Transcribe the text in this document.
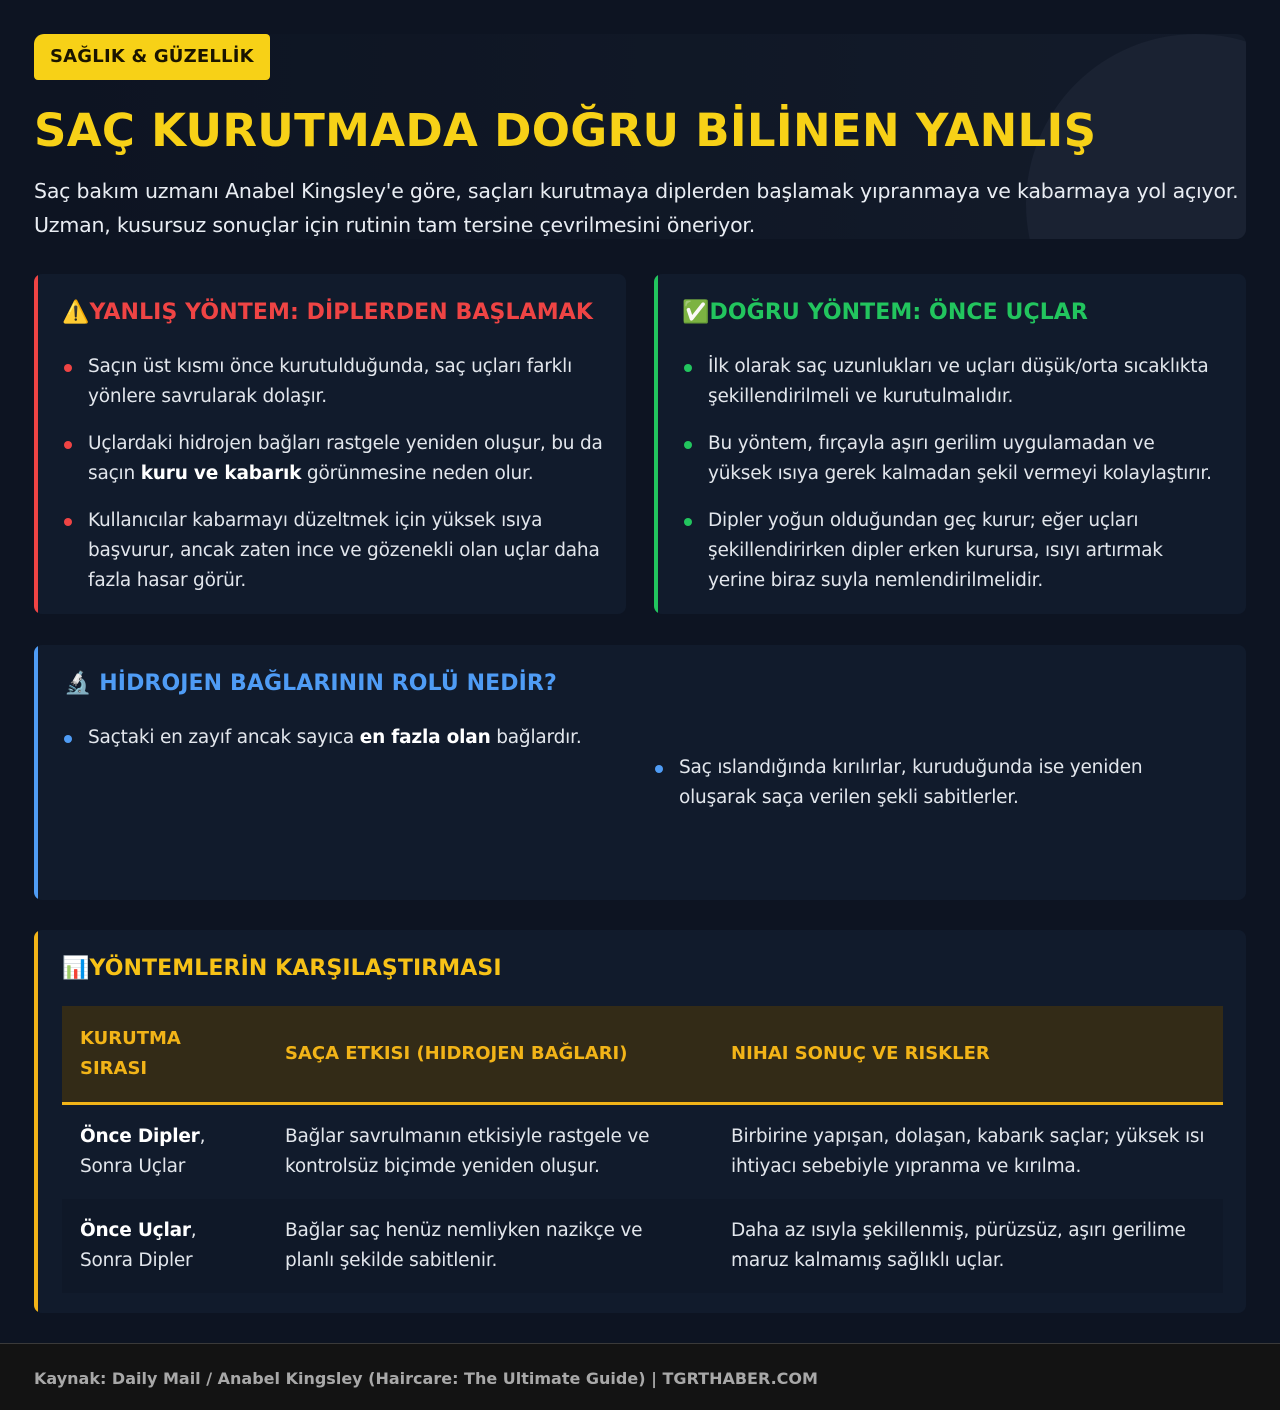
SAĞLIK & GÜZELLİK
SAÇ KURUTMADA DOĞRU BİLİNEN YANLIŞ

Saç bakım uzmanı Anabel Kingsley'e göre, saçları kurutmaya diplerden başlamak yıpranmaya ve kabarmaya yol açıyor. Uzman, kusursuz sonuçlar için rutinin tam tersine çevrilmesini öneriyor.

⚠️YANLIŞ YÖNTEM: DİPLERDEN BAŞLAMAK
Saçın üst kısmı önce kurutulduğunda, saç uçları farklı yönlere savrularak dolaşır.
Uçlardaki hidrojen bağları rastgele yeniden oluşur, bu da saçın kuru ve kabarık görünmesine neden olur.
Kullanıcılar kabarmayı düzeltmek için yüksek ısıya başvurur, ancak zaten ince ve gözenekli olan uçlar daha fazla hasar görür.
✅DOĞRU YÖNTEM: ÖNCE UÇLAR
İlk olarak saç uzunlukları ve uçları düşük/orta sıcaklıkta şekillendirilmeli ve kurutulmalıdır.
Bu yöntem, fırçayla aşırı gerilim uygulamadan ve yüksek ısıya gerek kalmadan şekil vermeyi kolaylaştırır.
Dipler yoğun olduğundan geç kurur; eğer uçları şekillendirirken dipler erken kurursa, ısıyı artırmak yerine biraz suyla nemlendirilmelidir.
🔬 HİDROJEN BAĞLARININ ROLÜ NEDİR?
Saçtaki en zayıf ancak sayıca en fazla olan bağlardır.
Saç ıslandığında kırılırlar, kuruduğunda ise yeniden oluşarak saça verilen şekli sabitlerler.
📊YÖNTEMLERİN KARŞILAŞTIRMASI
KURUTMA SIRASI	SAÇA ETKISI (HIDROJEN BAĞLARI)	NIHAI SONUÇ VE RISKLER
Önce Dipler, Sonra Uçlar	Bağlar savrulmanın etkisiyle rastgele ve kontrolsüz biçimde yeniden oluşur.	Birbirine yapışan, dolaşan, kabarık saçlar; yüksek ısı ihtiyacı sebebiyle yıpranma ve kırılma.
Önce Uçlar, Sonra Dipler	Bağlar saç henüz nemliyken nazikçe ve planlı şekilde sabitlenir.	Daha az ısıyla şekillenmiş, pürüzsüz, aşırı gerilime maruz kalmamış sağlıklı uçlar.
Kaynak: Daily Mail / Anabel Kingsley (Haircare: The Ultimate Guide) | TGRTHABER.COM
